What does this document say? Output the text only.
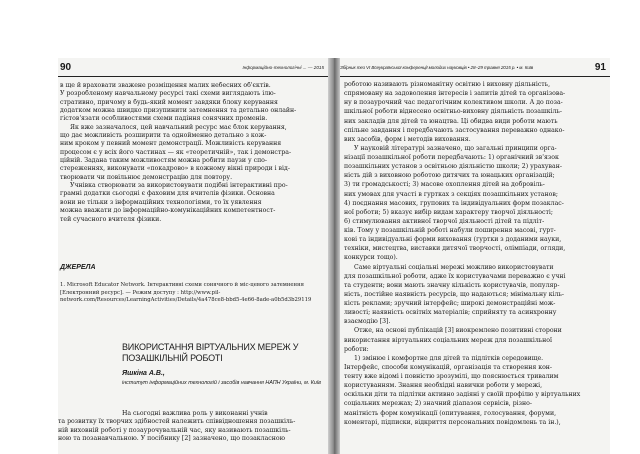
90	Інформаційно-технологічні ... — 2015
в ще й враховати зважене розміщення малих небесних об'єктів.
У розробленому навчальному ресурсі такі схеми виглядають ілю-
стративно, причому в будь-який момент завдяки блоку керування
додатком можна швидко призупинити затемнення та детально онлайн-
гістов'язати особливостями схеми падіння сонячних променів.
Як вже зазначалося, цей навчальний ресурс має блок керування,
що дає можливість розширити та однойменно детально з кож-
ним кроком у певний момент демонстрації. Можливість керування
процесом є у всіх його частинах — як «теоретичній», так і демонстра-
ційній. Задана таким можливостям можна робити паузи у спо-
стереженнях, виконувати «покадрово» в кожному вікні природи і від-
творювати чи повільнює демонстрацію для повтору.
Учнівка створювати за використовувати подібні інтерактивні про-
грамні додатки сьогодні є фаховим для вчителів фізики. Основна
вони не тільки з інформаційних технологіями, то їх уявлення
можна вважати до інформаційно-комунікаційних компетентност-
тей сучасного вчителя фізики.
ДЖЕРЕЛА
1. Microsoft Educator Network. Інтерактивні схеми сонячного й міс-цевого затемнення [Електронний ресурс]. — Режим доступу : http://www.pil-network.com/Resources/LearningActivities/Details/4a478ce8-bbd5-4e66-8ade-a0b5d3b29119
ВИКОРИСТАННЯ ВІРТУАЛЬНИХ МЕРЕЖ У ПОЗАШКІЛЬНІЙ РОБОТІ
Яшкіна А.В.,
інститут інформаційних технологій і засобів навчання НАПН України, м. Київ
На сьогодні важлива роль у виконанні учнів
та розвитку їх творчих здібностей належить співвідношення позашкіль-
ній виховній роботі у позаурочувальній час, яку називають позашкіль-
ною та позанавчальною. У посібнику [2] зазначено, що позакласною
Збірник тез VI Всеукраїнської конференції молодих науковців • 28–29 травня 2015 р. • м. Київ	91
роботою називають різноманітну освітню і виховну діяльність,
спрямовану на задоволення інтересів і запитів дітей та організова-
ну в позаурочний час педагогічним колективом школи. А до поза-
шкільної роботи віднесено освітньо-виховну діяльність позашкіль-
них закладів для дітей та юнацтва. Ці обидва види роботи мають
спільне завдання і передбачають застосування переважно однако-
вих засобів, форм і методів виховання.
У науковій літературі зазначено, що загальні принципи орга-
нізації позашкільної роботи передбачають: 1) органічний зв'язок
позашкільних установ з освітньою діяльністю школи; 2) урахуван-
ність дій з виховною роботою дитячих та юнацьких організацій;
3) ти громадськості; 3) масове охоплення дітей на добровіль-
них умовах для участі в гуртках з секціях позашкільних установ;
4) поєднання масових, групових та індивідуальних форм позаклас-
ної роботи; 5) вказує вибір видам характеру творчої діяльності;
6) стимулювання активної творчої діяльності дітей та підліт-
ків. Тому у позашкільній роботі набули поширення масові, гурт-
кові та індивідуальні форми виховання (гуртки з доданими науки,
техніки, мистецтва, виставки дитячої творчості, олімпіади, огляди,
конкурси тощо).
Саме віртуальні соціальні мережі можливо використовувати
для позашкільної роботи, адже їх користувачами переважно є учні
та студенти; вони мають значну кількість користувачів, популяр-
ність, постійне наявність ресурсів, що надаються; мінімальну кіль-
кість реклами; зручний інтерфейс; широкі демонстраційні мож-
ливості; наявність освітніх матеріалів; сприйняту та асинхронну
взаємодію [3].
Отже, на основі публікацій [3] виокремлено позитивні сторони
використання віртуальних соціальних мереж для позашкільної
роботи:
1) змінюе і комфортне для дітей та підлітків середовище.
Інтерфейс, способи комунікацій, організація та створення кон-
тенту вже відомі і повністю зрозумілі, що пояснюється тривалим
користуванням. Знання необхідні навички роботи у мережі,
оскільки діти та підлітки активно задіяні у своїй профілю у віртуальних
соціальних мережах; 2) значний діапазон сервісів, різно-
манітність форм комунікації (опитування, голосування, форуми,
коментарі, підписки, відкриття персональних повідомлень та ін.),
